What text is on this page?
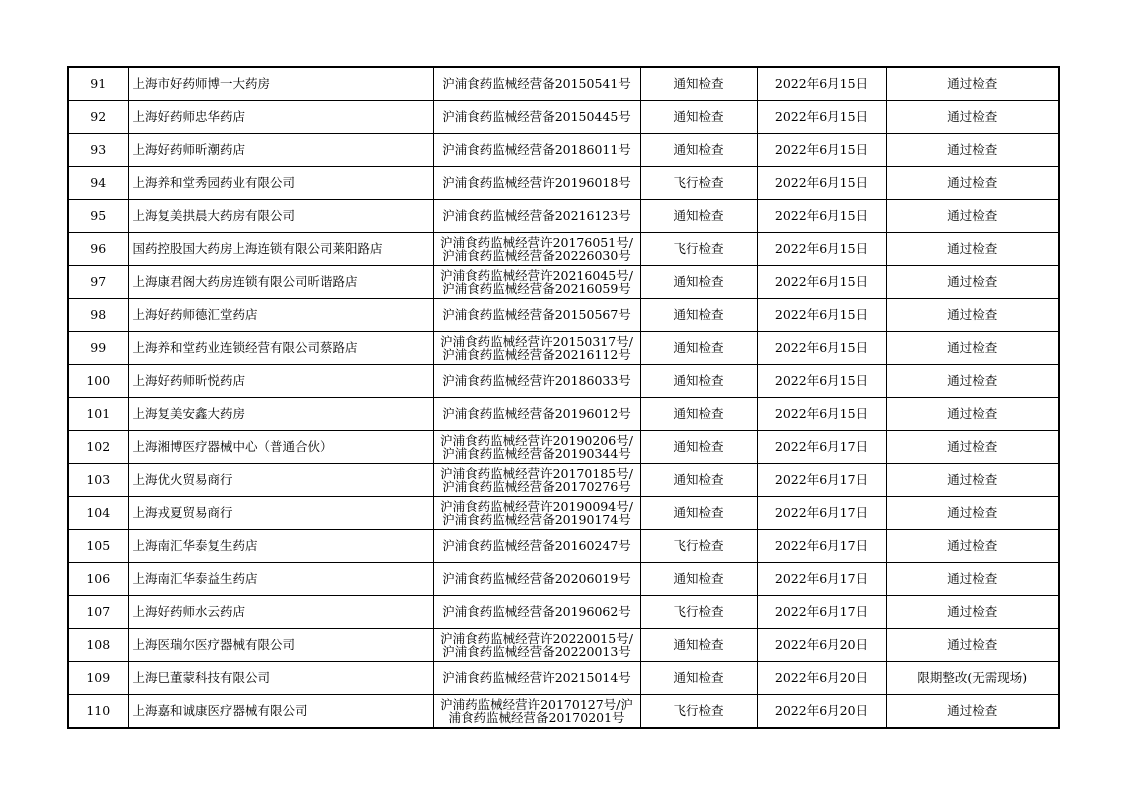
91	上海市好药师博一大药房	沪浦食药监械经营备20150541号	通知检查	2022年6月15日	通过检查
92	上海好药师忠华药店	沪浦食药监械经营备20150445号	通知检查	2022年6月15日	通过检查
93	上海好药师昕潮药店	沪浦食药监械经营备20186011号	通知检查	2022年6月15日	通过检查
94	上海养和堂秀园药业有限公司	沪浦食药监械经营许20196018号	飞行检查	2022年6月15日	通过检查
95	上海复美拱晨大药房有限公司	沪浦食药监械经营备20216123号	通知检查	2022年6月15日	通过检查
96	国药控股国大药房上海连锁有限公司莱阳路店	沪浦食药监械经营许20176051号/
沪浦食药监械经营备20226030号	飞行检查	2022年6月15日	通过检查
97	上海康君阁大药房连锁有限公司昕谐路店	沪浦食药监械经营许20216045号/
沪浦食药监械经营备20216059号	通知检查	2022年6月15日	通过检查
98	上海好药师德汇堂药店	沪浦食药监械经营备20150567号	通知检查	2022年6月15日	通过检查
99	上海养和堂药业连锁经营有限公司蔡路店	沪浦食药监械经营许20150317号/
沪浦食药监械经营备20216112号	通知检查	2022年6月15日	通过检查
100	上海好药师昕悦药店	沪浦食药监械经营许20186033号	通知检查	2022年6月15日	通过检查
101	上海复美安鑫大药房	沪浦食药监械经营备20196012号	通知检查	2022年6月15日	通过检查
102	上海湘博医疗器械中心（普通合伙）	沪浦食药监械经营许20190206号/
沪浦食药监械经营备20190344号	通知检查	2022年6月17日	通过检查
103	上海优火贸易商行	沪浦食药监械经营许20170185号/
沪浦食药监械经营备20170276号	通知检查	2022年6月17日	通过检查
104	上海戎夏贸易商行	沪浦食药监械经营许20190094号/
沪浦食药监械经营备20190174号	通知检查	2022年6月17日	通过检查
105	上海南汇华泰复生药店	沪浦食药监械经营备20160247号	飞行检查	2022年6月17日	通过检查
106	上海南汇华泰益生药店	沪浦食药监械经营备20206019号	通知检查	2022年6月17日	通过检查
107	上海好药师水云药店	沪浦食药监械经营备20196062号	飞行检查	2022年6月17日	通过检查
108	上海医瑞尔医疗器械有限公司	沪浦食药监械经营许20220015号/
沪浦食药监械经营备20220013号	通知检查	2022年6月20日	通过检查
109	上海巳董蒙科技有限公司	沪浦食药监械经营许20215014号	通知检查	2022年6月20日	限期整改(无需现场)
110	上海嘉和诚康医疗器械有限公司	沪浦药监械经营许20170127号/沪
浦食药监械经营备20170201号	飞行检查	2022年6月20日	通过检查
